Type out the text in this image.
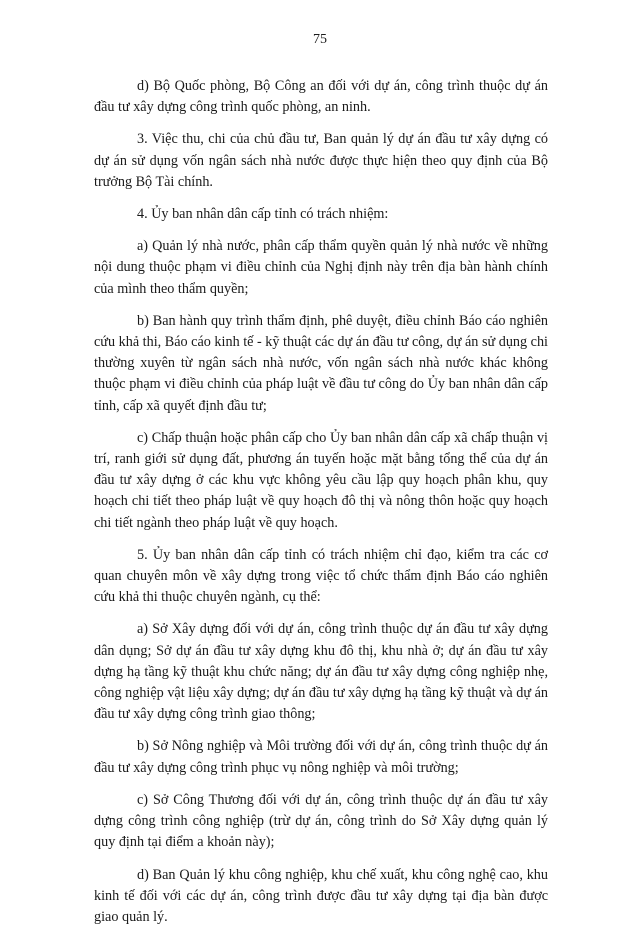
75

d) Bộ Quốc phòng, Bộ Công an đối với dự án, công trình thuộc dự án đầu tư xây dựng công trình quốc phòng, an ninh.

3. Việc thu, chi của chủ đầu tư, Ban quản lý dự án đầu tư xây dựng có dự án sử dụng vốn ngân sách nhà nước được thực hiện theo quy định của Bộ trưởng Bộ Tài chính.

4. Ủy ban nhân dân cấp tỉnh có trách nhiệm:

a) Quản lý nhà nước, phân cấp thẩm quyền quản lý nhà nước về những nội dung thuộc phạm vi điều chỉnh của Nghị định này trên địa bàn hành chính của mình theo thẩm quyền;

b) Ban hành quy trình thẩm định, phê duyệt, điều chỉnh Báo cáo nghiên cứu khả thi, Báo cáo kinh tế - kỹ thuật các dự án đầu tư công, dự án sử dụng chi thường xuyên từ ngân sách nhà nước, vốn ngân sách nhà nước khác không thuộc phạm vi điều chỉnh của pháp luật về đầu tư công do Ủy ban nhân dân cấp tỉnh, cấp xã quyết định đầu tư;

c) Chấp thuận hoặc phân cấp cho Ủy ban nhân dân cấp xã chấp thuận vị trí, ranh giới sử dụng đất, phương án tuyến hoặc mặt bằng tổng thể của dự án đầu tư xây dựng ở các khu vực không yêu cầu lập quy hoạch phân khu, quy hoạch chi tiết theo pháp luật về quy hoạch đô thị và nông thôn hoặc quy hoạch chi tiết ngành theo pháp luật về quy hoạch.

5. Ủy ban nhân dân cấp tỉnh có trách nhiệm chỉ đạo, kiểm tra các cơ quan chuyên môn về xây dựng trong việc tổ chức thẩm định Báo cáo nghiên cứu khả thi thuộc chuyên ngành, cụ thể:

a) Sở Xây dựng đối với dự án, công trình thuộc dự án đầu tư xây dựng dân dụng; Sở dự án đầu tư xây dựng khu đô thị, khu nhà ở; dự án đầu tư xây dựng hạ tầng kỹ thuật khu chức năng; dự án đầu tư xây dựng công nghiệp nhẹ, công nghiệp vật liệu xây dựng; dự án đầu tư xây dựng hạ tầng kỹ thuật và dự án đầu tư xây dựng công trình giao thông;

b) Sở Nông nghiệp và Môi trường đối với dự án, công trình thuộc dự án đầu tư xây dựng công trình phục vụ nông nghiệp và môi trường;

c) Sở Công Thương đối với dự án, công trình thuộc dự án đầu tư xây dựng công trình công nghiệp (trừ dự án, công trình do Sở Xây dựng quản lý quy định tại điểm a khoản này);

d) Ban Quản lý khu công nghiệp, khu chế xuất, khu công nghệ cao, khu kinh tế đối với các dự án, công trình được đầu tư xây dựng tại địa bàn được giao quản lý.
